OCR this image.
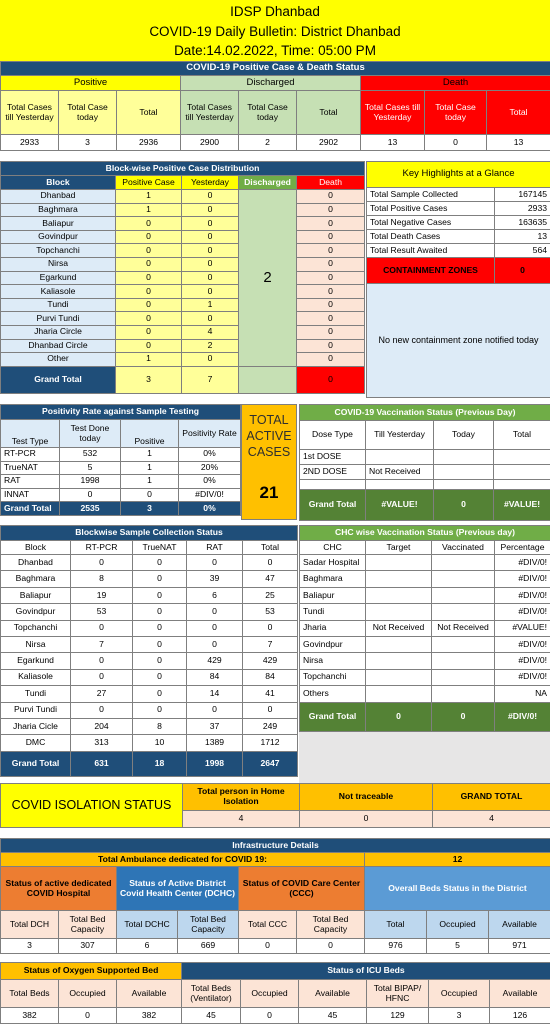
IDSP Dhanbad
COVID-19 Daily Bulletin: District Dhanbad
Date:14.02.2022, Time: 05:00 PM
COVID-19 Positive Case & Death Status								
Positive			Discharged			Death		
Total Cases till Yesterday	Total Case today	Total	Total Cases till Yesterday	Total Case today	Total	Total Cases till Yesterday	Total Case today	Total
2933	3	2936	2900	2	2902	13	0	13
Block-wise Positive Case Distribution				
Block	Positive Case	Yesterday	Discharged	Death
Dhanbad	1	0	2	0
Baghmara	1	0		0
Baliapur	0	0		0
Govindpur	0	0		0
Topchanchi	0	0		0
Nirsa	0	0		0
Egarkund	0	0		0
Kaliasole	0	0		0
Tundi	0	1		0
Purvi Tundi	0	0		0
Jharia Circle	0	4		0
Dhanbad Circle	0	2		0
Other	1	0		0
Grand Total	3	7		0
Key Highlights at a Glance	
Total Sample Collected	167145
Total Positive Cases	2933
Total Negative Cases	163635
Total Death Cases	13
Total Result Awaited	564
CONTAINMENT ZONES	0
No new containment zone notified today	
Positivity Rate against Sample Testing			
Test Type	Test Done today	Positive	Positivity Rate
RT-PCR	532	1	0%
TrueNAT	5	1	20%
RAT	1998	1	0%
INNAT	0	0	#DIV/0!
Grand Total	2535	3	0%
TOTAL ACTIVE CASES
21
COVID-19 Vaccination Status (Previous Day)			
Dose Type	Till Yesterday	Today	Total
1st DOSE			
2ND DOSE	Not Received		

Grand Total	#VALUE!	0	#VALUE!
Blockwise Sample Collection Status				
Block	RT-PCR	TrueNAT	RAT	Total
Dhanbad	0	0	0	0
Baghmara	8	0	39	47
Baliapur	19	0	6	25
Govindpur	53	0	0	53
Topchanchi	0	0	0	0
Nirsa	7	0	0	7
Egarkund	0	0	429	429
Kaliasole	0	0	84	84
Tundi	27	0	14	41
Purvi Tundi	0	0	0	0
Jharia Cicle	204	8	37	249
DMC	313	10	1389	1712
Grand Total	631	18	1998	2647
CHC wise Vaccination Status (Previous day)			
CHC	Target	Vaccinated	Percentage
Sadar Hospital			#DIV/0!
Baghmara			#DIV/0!
Baliapur			#DIV/0!
Tundi			#DIV/0!
Jharia	Not Received	Not Received	#VALUE!
Govindpur			#DIV/0!
Nirsa			#DIV/0!
Topchanchi			#DIV/0!
Others			NA
Grand Total	0	0	#DIV/0!

COVID ISOLATION STATUS	Total person in Home Isolation	Not traceable	GRAND TOTAL
	4	0	4
Infrastructure Details								
Total Ambulance dedicated for COVID 19:						12		
Status of active dedicated COVID Hospital		Status of Active District Covid Health Center (DCHC)		Status of COVID Care Center (CCC)		Overall Beds Status in the District		
Total DCH	Total Bed Capacity	Total DCHC	Total Bed Capacity	Total CCC	Total Bed Capacity	Total	Occupied	Available
3	307	6	669	0	0	976	5	971
Status of Oxygen Supported Bed		
Total Beds	Occupied	Available
382	0	382
Status of ICU Beds					
Total Beds (Ventilator)	Occupied	Available	Total BIPAP/ HFNC	Occupied	Available
45	0	45	129	3	126
